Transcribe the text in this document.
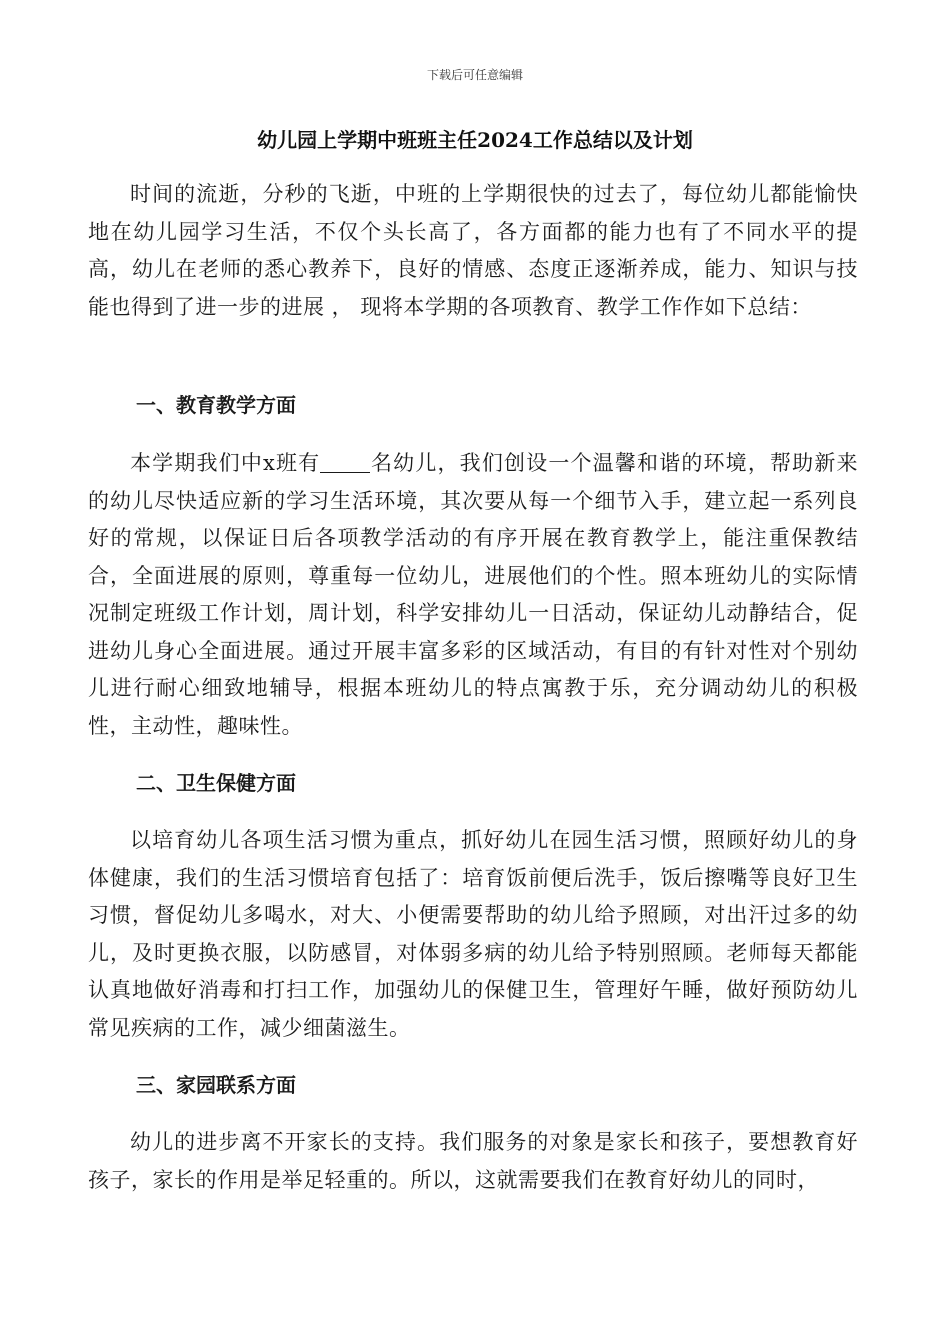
下载后可任意编辑
幼儿园上学期中班班主任2024工作总结以及计划

时间的流逝，分秒的飞逝，中班的上学期很快的过去了，每位幼儿都能愉快地在幼儿园学习生活，不仅个头长高了，各方面都的能力也有了不同水平的提高，幼儿在老师的悉心教养下，良好的情感、态度正逐渐养成，能力、知识与技能也得到了进一步的进展 ， 现将本学期的各项教育、教学工作作如下总结：

一、教育教学方面

本学期我们中x班有 名幼儿，我们创设一个温馨和谐的环境，帮助新来的幼儿尽快适应新的学习生活环境，其次要从每一个细节入手，建立起一系列良好的常规，以保证日后各项教学活动的有序开展在教育教学上，能注重保教结合，全面进展的原则，尊重每一位幼儿，进展他们的个性。照本班幼儿的实际情况制定班级工作计划，周计划，科学安排幼儿一日活动，保证幼儿动静结合，促进幼儿身心全面进展。通过开展丰富多彩的区域活动，有目的有针对性对个别幼儿进行耐心细致地辅导，根据本班幼儿的特点寓教于乐，充分调动幼儿的积极性，主动性，趣味性。

二、卫生保健方面

以培育幼儿各项生活习惯为重点，抓好幼儿在园生活习惯，照顾好幼儿的身体健康，我们的生活习惯培育包括了：培育饭前便后洗手，饭后擦嘴等良好卫生习惯，督促幼儿多喝水，对大、小便需要帮助的幼儿给予照顾，对出汗过多的幼儿，及时更换衣服，以防感冒，对体弱多病的幼儿给予特别照顾。老师每天都能认真地做好消毒和打扫工作，加强幼儿的保健卫生，管理好午睡，做好预防幼儿常见疾病的工作，减少细菌滋生。

三、家园联系方面

幼儿的进步离不开家长的支持。我们服务的对象是家长和孩子，要想教育好孩子，家长的作用是举足轻重的。所以，这就需要我们在教育好幼儿的同时，
